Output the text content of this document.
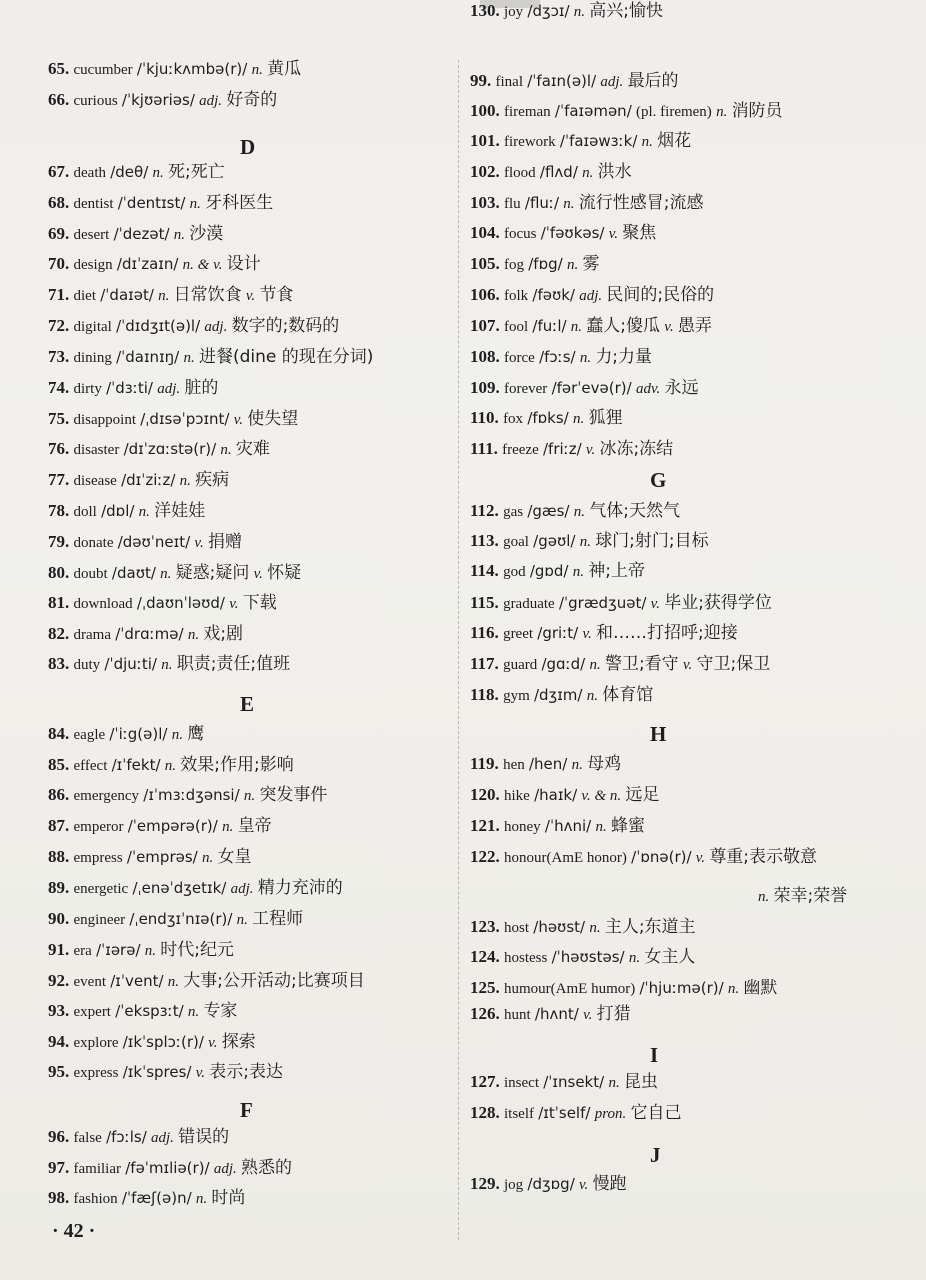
65. cucumber /ˈkjuːkʌmbə(r)/ n. 黄瓜
66. curious /ˈkjʊəriəs/ adj. 好奇的
D
67. death /deθ/ n. 死;死亡
68. dentist /ˈdentɪst/ n. 牙科医生
69. desert /ˈdezət/ n. 沙漠
70. design /dɪˈzaɪn/ n. & v. 设计
71. diet /ˈdaɪət/ n. 日常饮食 v. 节食
72. digital /ˈdɪdʒɪt(ə)l/ adj. 数字的;数码的
73. dining /ˈdaɪnɪŋ/ n. 进餐(dine 的现在分词)
74. dirty /ˈdɜːti/ adj. 脏的
75. disappoint /ˌdɪsəˈpɔɪnt/ v. 使失望
76. disaster /dɪˈzɑːstə(r)/ n. 灾难
77. disease /dɪˈziːz/ n. 疾病
78. doll /dɒl/ n. 洋娃娃
79. donate /dəʊˈneɪt/ v. 捐赠
80. doubt /daʊt/ n. 疑惑;疑问 v. 怀疑
81. download /ˌdaʊnˈləʊd/ v. 下载
82. drama /ˈdrɑːmə/ n. 戏;剧
83. duty /ˈdjuːti/ n. 职责;责任;值班
E
84. eagle /ˈiːg(ə)l/ n. 鹰
85. effect /ɪˈfekt/ n. 效果;作用;影响
86. emergency /ɪˈmɜːdʒənsi/ n. 突发事件
87. emperor /ˈempərə(r)/ n. 皇帝
88. empress /ˈemprəs/ n. 女皇
89. energetic /ˌenəˈdʒetɪk/ adj. 精力充沛的
90. engineer /ˌendʒɪˈnɪə(r)/ n. 工程师
91. era /ˈɪərə/ n. 时代;纪元
92. event /ɪˈvent/ n. 大事;公开活动;比赛项目
93. expert /ˈekspɜːt/ n. 专家
94. explore /ɪkˈsplɔː(r)/ v. 探索
95. express /ɪkˈspres/ v. 表示;表达
F
96. false /fɔːls/ adj. 错误的
97. familiar /fəˈmɪliə(r)/ adj. 熟悉的
98. fashion /ˈfæʃ(ə)n/ n. 时尚
99. final /ˈfaɪn(ə)l/ adj. 最后的
100. fireman /ˈfaɪəmən/ (pl. firemen) n. 消防员
101. firework /ˈfaɪəwɜːk/ n. 烟花
102. flood /flʌd/ n. 洪水
103. flu /fluː/ n. 流行性感冒;流感
104. focus /ˈfəʊkəs/ v. 聚焦
105. fog /fɒg/ n. 雾
106. folk /fəʊk/ adj. 民间的;民俗的
107. fool /fuːl/ n. 蠢人;傻瓜 v. 愚弄
108. force /fɔːs/ n. 力;力量
109. forever /fərˈevə(r)/ adv. 永远
110. fox /fɒks/ n. 狐狸
111. freeze /friːz/ v. 冰冻;冻结
G
112. gas /gæs/ n. 气体;天然气
113. goal /gəʊl/ n. 球门;射门;目标
114. god /gɒd/ n. 神;上帝
115. graduate /ˈgrædʒuət/ v. 毕业;获得学位
116. greet /griːt/ v. 和……打招呼;迎接
117. guard /gɑːd/ n. 警卫;看守 v. 守卫;保卫
118. gym /dʒɪm/ n. 体育馆
H
119. hen /hen/ n. 母鸡
120. hike /haɪk/ v. & n. 远足
121. honey /ˈhʌni/ n. 蜂蜜
122. honour(AmE honor) /ˈɒnə(r)/ v. 尊重;表示敬意
n. 荣幸;荣誉
123. host /həʊst/ n. 主人;东道主
124. hostess /ˈhəʊstəs/ n. 女主人
125. humour(AmE humor) /ˈhjuːmə(r)/ n. 幽默
126. hunt /hʌnt/ v. 打猎
I
127. insect /ˈɪnsekt/ n. 昆虫
128. itself /ɪtˈself/ pron. 它自己
J
129. jog /dʒɒg/ v. 慢跑
130. joy /dʒɔɪ/ n. 高兴;愉快
· 42 ·
